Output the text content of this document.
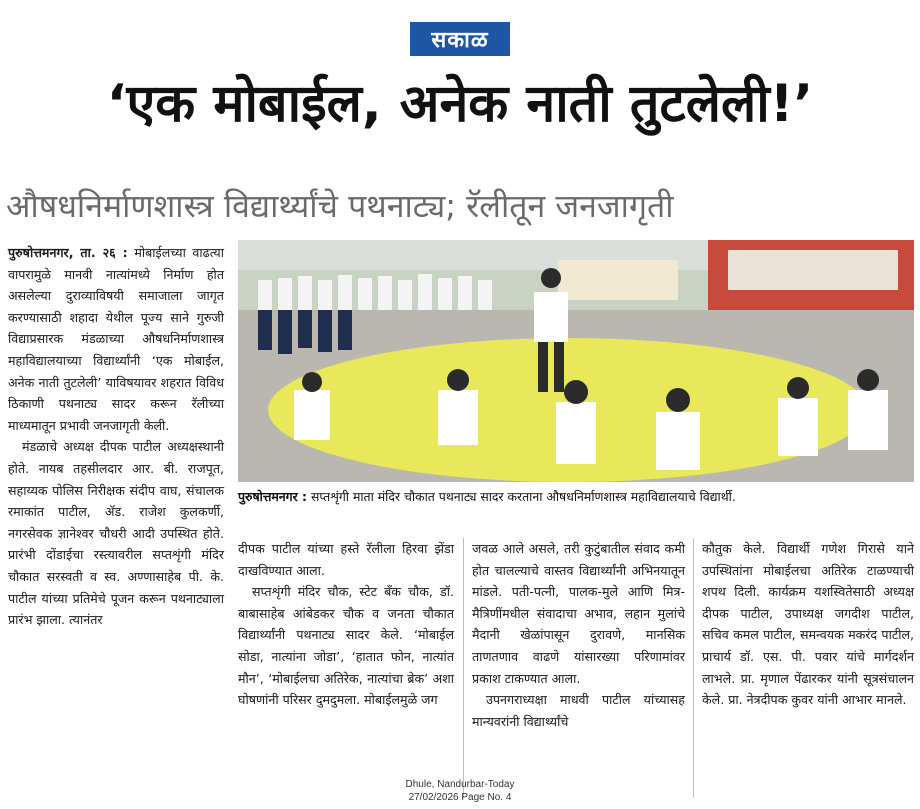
सकाळ
‘एक मोबाईल, अनेक नाती तुटलेली!’
औषधनिर्माणशास्त्र विद्यार्थ्यांचे पथनाट्य; रॅलीतून जनजागृती

पुरुषोत्तमनगर, ता. २६ : मोबाईलच्या वाढत्या वापरामुळे मानवी नात्यांमध्ये निर्माण होत असलेल्या दुराव्याविषयी समाजाला जागृत करण्यासाठी शहादा येथील पूज्य साने गुरुजी विद्याप्रसारक मंडळाच्या औषधनिर्माणशास्त्र महाविद्यालयाच्या विद्यार्थ्यांनी ‘एक मोबाईल, अनेक नाती तुटलेली’ याविषयावर शहरात विविध ठिकाणी पथनाट्य सादर करून रॅलीच्या माध्यमातून प्रभावी जनजागृती केली.

मंडळाचे अध्यक्ष दीपक पाटील अध्यक्षस्थानी होते. नायब तहसीलदार आर. बी. राजपूत, सहाय्यक पोलिस निरीक्षक संदीप वाघ, संचालक रमाकांत पाटील, ॲड. राजेश कुलकर्णी, नगरसेवक ज्ञानेश्वर चौधरी आदी उपस्थित होते. प्रारंभी दोंडाईचा रस्त्यावरील सप्तशृंगी मंदिर चौकात सरस्वती व स्व. अण्णासाहेब पी. के. पाटील यांच्या प्रतिमेचे पूजन करून पथनाट्याला प्रारंभ झाला. त्यानंतर

पुरुषोत्तमनगर : सप्तशृंगी माता मंदिर चौकात पथनाट्य सादर करताना औषधनिर्माणशास्त्र महाविद्यालयाचे विद्यार्थी.

दीपक पाटील यांच्या हस्ते रॅलीला हिरवा झेंडा दाखविण्यात आला.

सप्तशृंगी मंदिर चौक, स्टेट बँक चौक, डॉ. बाबासाहेब आंबेडकर चौक व जनता चौकात विद्यार्थ्यांनी पथनाट्य सादर केले. ‘मोबाईल सोडा, नात्यांना जोडा’, ‘हातात फोन, नात्यांत मौन’, ‘मोबाईलचा अतिरेक, नात्यांचा ब्रेक’ अशा घोषणांनी परिसर दुमदुमला. मोबाईलमुळे जग

जवळ आले असले, तरी कुटुंबातील संवाद कमी होत चालल्याचे वास्तव विद्यार्थ्यांनी अभिनयातून मांडले. पती-पत्नी, पालक-मुले आणि मित्र-मैत्रिणींमधील संवादाचा अभाव, लहान मुलांचे मैदानी खेळांपासून दुरावणे, मानसिक ताणतणाव वाढणे यांसारख्या परिणामांवर प्रकाश टाकण्यात आला.

उपनगराध्यक्षा माधवी पाटील यांच्यासह मान्यवरांनी विद्यार्थ्यांचे

कौतुक केले. विद्यार्थी गणेश गिरासे याने उपस्थितांना मोबाईलचा अतिरेक टाळण्याची शपथ दिली. कार्यक्रम यशस्वितेसाठी अध्यक्ष दीपक पाटील, उपाध्यक्ष जगदीश पाटील, सचिव कमल पाटील, समन्वयक मकरंद पाटील, प्राचार्य डॉ. एस. पी. पवार यांचे मार्गदर्शन लाभले. प्रा. मृणाल पेंढारकर यांनी सूत्रसंचालन केले. प्रा. नेत्रदीपक कुवर यांनी आभार मानले.

Dhule, Nandurbar-Today
27/02/2026 Page No. 4
